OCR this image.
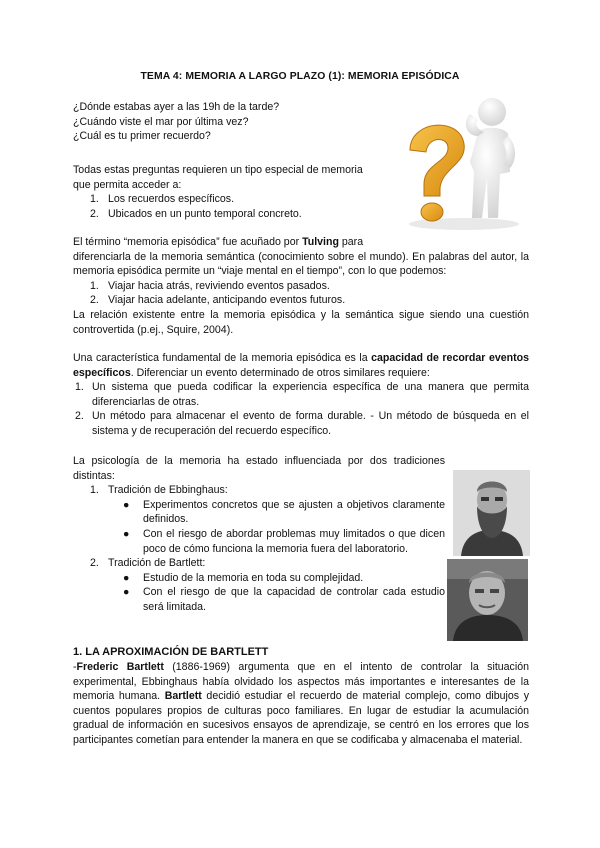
TEMA 4: MEMORIA A LARGO PLAZO (1): MEMORIA EPISÓDICA
¿Dónde estabas ayer a las 19h de la tarde?
¿Cuándo viste el mar por última vez?
¿Cuál es tu primer recuerdo?
Todas estas preguntas requieren un tipo especial de memoria
que permita acceder a:
1. Los recuerdos específicos.
2. Ubicados en un punto temporal concreto.
El término “memoria episódica” fue acuñado por Tulving para
diferenciarla de la memoria semántica (conocimiento sobre el mundo). En palabras del autor, la memoria episódica permite un “viaje mental en el tiempo”, con lo que podemos:
1. Viajar hacia atrás, reviviendo eventos pasados.
2. Viajar hacia adelante, anticipando eventos futuros.
La relación existente entre la memoria episódica y la semántica sigue siendo una cuestión controvertida (p.ej., Squire, 2004).
Una característica fundamental de la memoria episódica es la capacidad de recordar eventos específicos. Diferenciar un evento determinado de otros similares requiere:
1. Un sistema que pueda codificar la experiencia específica de una manera que permita diferenciarlas de otras.
2. Un método para almacenar el evento de forma durable. - Un método de búsqueda en el sistema y de recuperación del recuerdo específico.
La psicología de la memoria ha estado influenciada por dos tradiciones distintas:
1. Tradición de Ebbinghaus:
● Experimentos concretos que se ajusten a objetivos claramente definidos.
● Con el riesgo de abordar problemas muy limitados o que dicen poco de cómo funciona la memoria fuera del laboratorio.
2. Tradición de Bartlett:
● Estudio de la memoria en toda su complejidad.
● Con el riesgo de que la capacidad de controlar cada estudio será limitada.
1. LA APROXIMACIÓN DE BARTLETT
-Frederic Bartlett (1886-1969) argumenta que en el intento de controlar la situación experimental, Ebbinghaus había olvidado los aspectos más importantes e interesantes de la memoria humana. Bartlett decidió estudiar el recuerdo de material complejo, como dibujos y cuentos populares propios de culturas poco familiares. En lugar de estudiar la acumulación gradual de información en sucesivos ensayos de aprendizaje, se centró en los errores que los participantes cometían para entender la manera en que se codificaba y almacenaba el material.
